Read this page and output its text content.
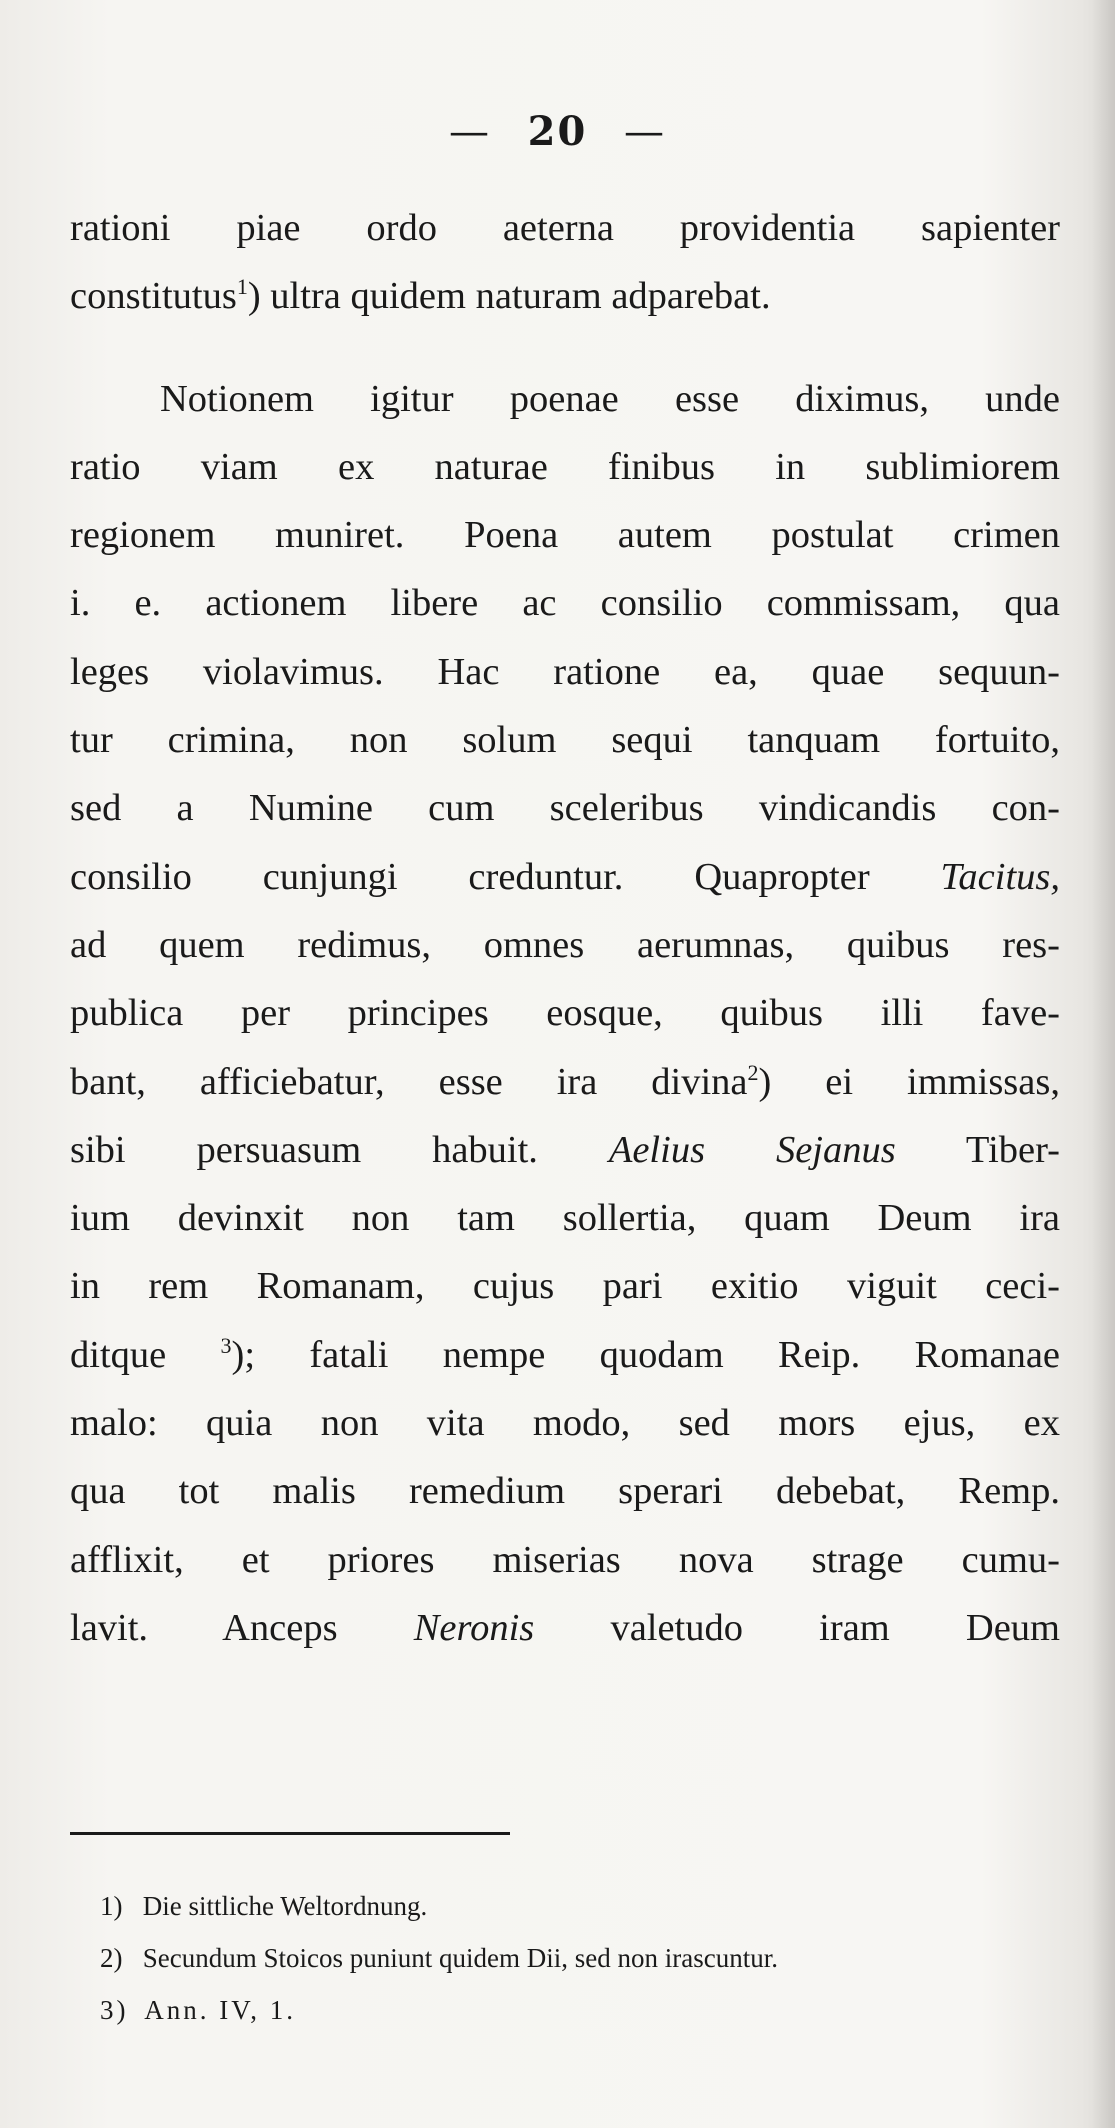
— 20 —
rationi piae ordo aeterna providentia sapienter
constitutus$^1$) ultra quidem naturam adparebat.
Notionem igitur poenae esse diximus, unde
ratio viam ex naturae finibus in sublimiorem
regionem muniret. Poena autem postulat crimen
i. e. actionem libere ac consilio commissam, qua
leges violavimus. Hac ratione ea, quae sequun-
tur crimina, non solum sequi tanquam fortuito,
sed a Numine cum sceleribus vindicandis con-
consilio cunjungi creduntur. Quapropter Tacitus,
ad quem redimus, omnes aerumnas, quibus res-
publica per principes eosque, quibus illi fave-
bant, afficiebatur, esse ira divina$^2$) ei immissas,
sibi persuasum habuit. Aelius Sejanus Tiber-
ium devinxit non tam sollertia, quam Deum ira
in rem Romanam, cujus pari exitio viguit ceci-
ditque $^3$); fatali nempe quodam Reip. Romanae
malo: quia non vita modo, sed mors ejus, ex
qua tot malis remedium sperari debebat, Remp.
afflixit, et priores miserias nova strage cumu-
lavit. Anceps Neronis valetudo iram Deum
1) Die sittliche Weltordnung.
2) Secundum Stoicos puniunt quidem Dii, sed non irascuntur.
3) Ann. IV, 1.
